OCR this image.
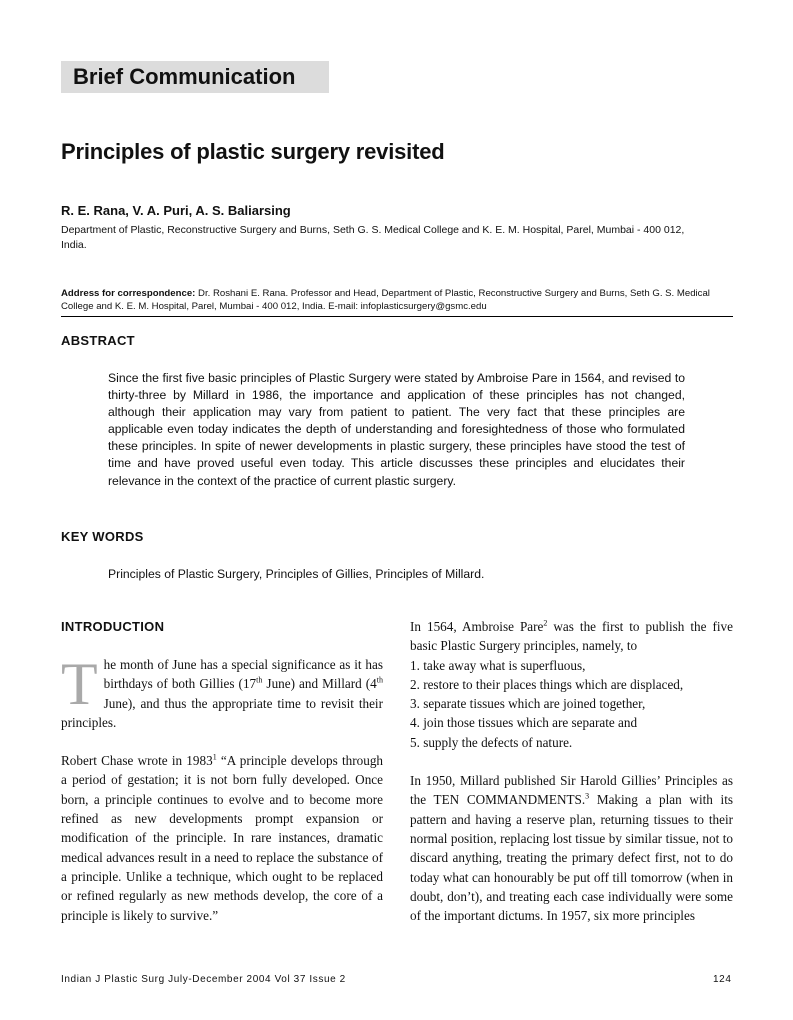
Brief Communication
Principles of plastic surgery revisited
R. E. Rana, V. A. Puri, A. S. Baliarsing
Department of Plastic, Reconstructive Surgery and Burns, Seth G. S. Medical College and K. E. M. Hospital, Parel, Mumbai - 400 012, India.
Address for correspondence: Dr. Roshani E. Rana. Professor and Head, Department of Plastic, Reconstructive Surgery and Burns, Seth G. S. Medical College and K. E. M. Hospital, Parel, Mumbai - 400 012, India. E-mail: infoplasticsurgery@gsmc.edu
ABSTRACT

Since the first five basic principles of Plastic Surgery were stated by Ambroise Pare in 1564, and revised to thirty-three by Millard in 1986, the importance and application of these principles has not changed, although their application may vary from patient to patient. The very fact that these principles are applicable even today indicates the depth of understanding and foresightedness of those who formulated these principles. In spite of newer developments in plastic surgery, these principles have stood the test of time and have proved useful even today. This article discusses these principles and elucidates their relevance in the context of the practice of current plastic surgery.

KEY WORDS
Principles of Plastic Surgery, Principles of Gillies, Principles of Millard.
INTRODUCTION

The month of June has a special significance as it has birthdays of both Gillies (17th June) and Millard (4th June), and thus the appropriate time to revisit their principles.

Robert Chase wrote in 1983$^1$ “A principle develops through a period of gestation; it is not born fully developed. Once born, a principle continues to evolve and to become more refined as new developments prompt expansion or modification of the principle. In rare instances, dramatic medical advances result in a need to replace the substance of a principle. Unlike a technique, which ought to be replaced or refined regularly as new methods develop, the core of a principle is likely to survive.”

In 1564, Ambroise Pare$^2$ was the first to publish the five basic Plastic Surgery principles, namely, to

1. take away what is superfluous,
2. restore to their places things which are displaced,
3. separate tissues which are joined together,
4. join those tissues which are separate and
5. supply the defects of nature.

In 1950, Millard published Sir Harold Gillies’ Principles as the TEN COMMANDMENTS.$^3$ Making a plan with its pattern and having a reserve plan, returning tissues to their normal position, replacing lost tissue by similar tissue, not to discard anything, treating the primary defect first, not to do today what can honourably be put off till tomorrow (when in doubt, don’t), and treating each case individually were some of the important dictums. In 1957, six more principles

Indian J Plastic Surg July-December 2004 Vol 37 Issue 2	124
